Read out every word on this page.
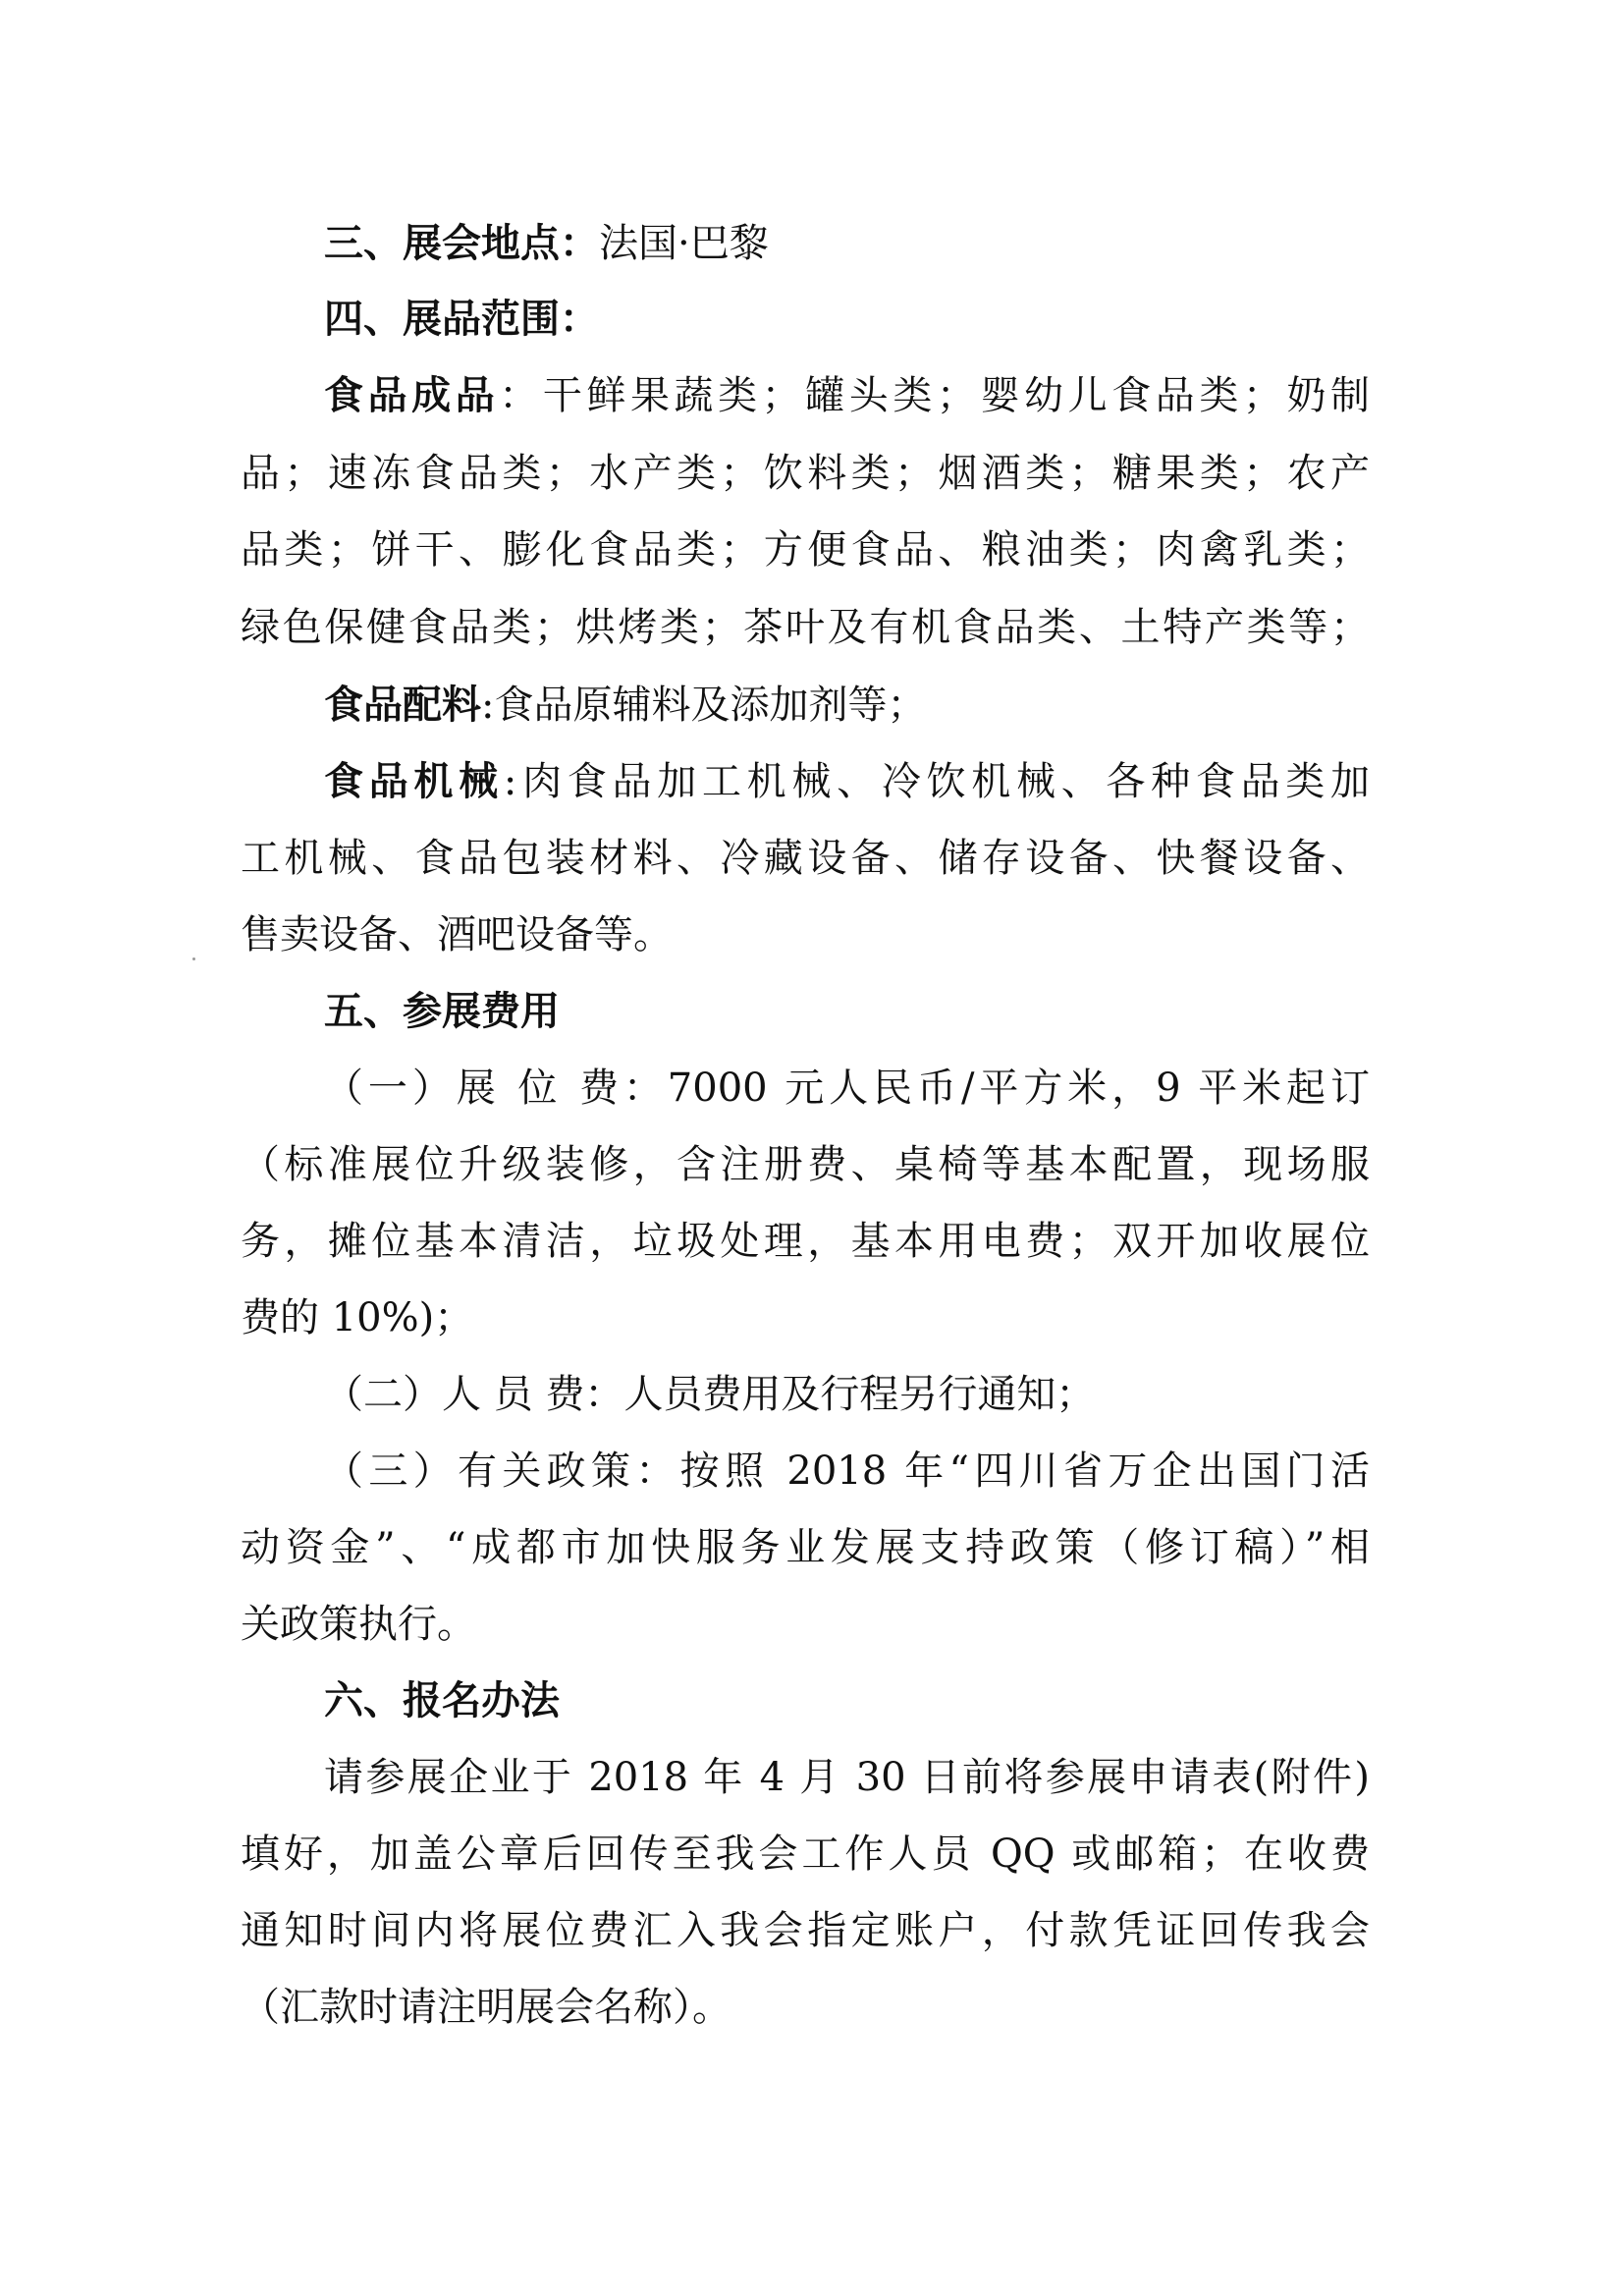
三、展会地点：法国·巴黎
四、展品范围：
食品成品：干鲜果蔬类；罐头类；婴幼儿食品类；奶制
品；速冻食品类；水产类；饮料类；烟酒类；糖果类；农产
品类；饼干、膨化食品类；方便食品、粮油类；肉禽乳类；
绿色保健食品类；烘烤类；茶叶及有机食品类、土特产类等；
食品配料:食品原辅料及添加剂等；
食品机械:肉食品加工机械、冷饮机械、各种食品类加
工机械、食品包装材料、冷藏设备、储存设备、快餐设备、
售卖设备、酒吧设备等。
五、参展费用
（一）展 位 费：7000 元人民币/平方米，9 平米起订
（标准展位升级装修，含注册费、桌椅等基本配置，现场服
务，摊位基本清洁，垃圾处理，基本用电费；双开加收展位
费的 10%)；
（二）人 员 费：人员费用及行程另行通知；
（三）有关政策：按照 2018 年“四川省万企出国门活
动资金”、“成都市加快服务业发展支持政策（修订稿）”相
关政策执行。
六、报名办法
请参展企业于 2018 年 4 月 30 日前将参展申请表(附件)
填好，加盖公章后回传至我会工作人员 QQ 或邮箱；在收费
通知时间内将展位费汇入我会指定账户，付款凭证回传我会
（汇款时请注明展会名称）。
